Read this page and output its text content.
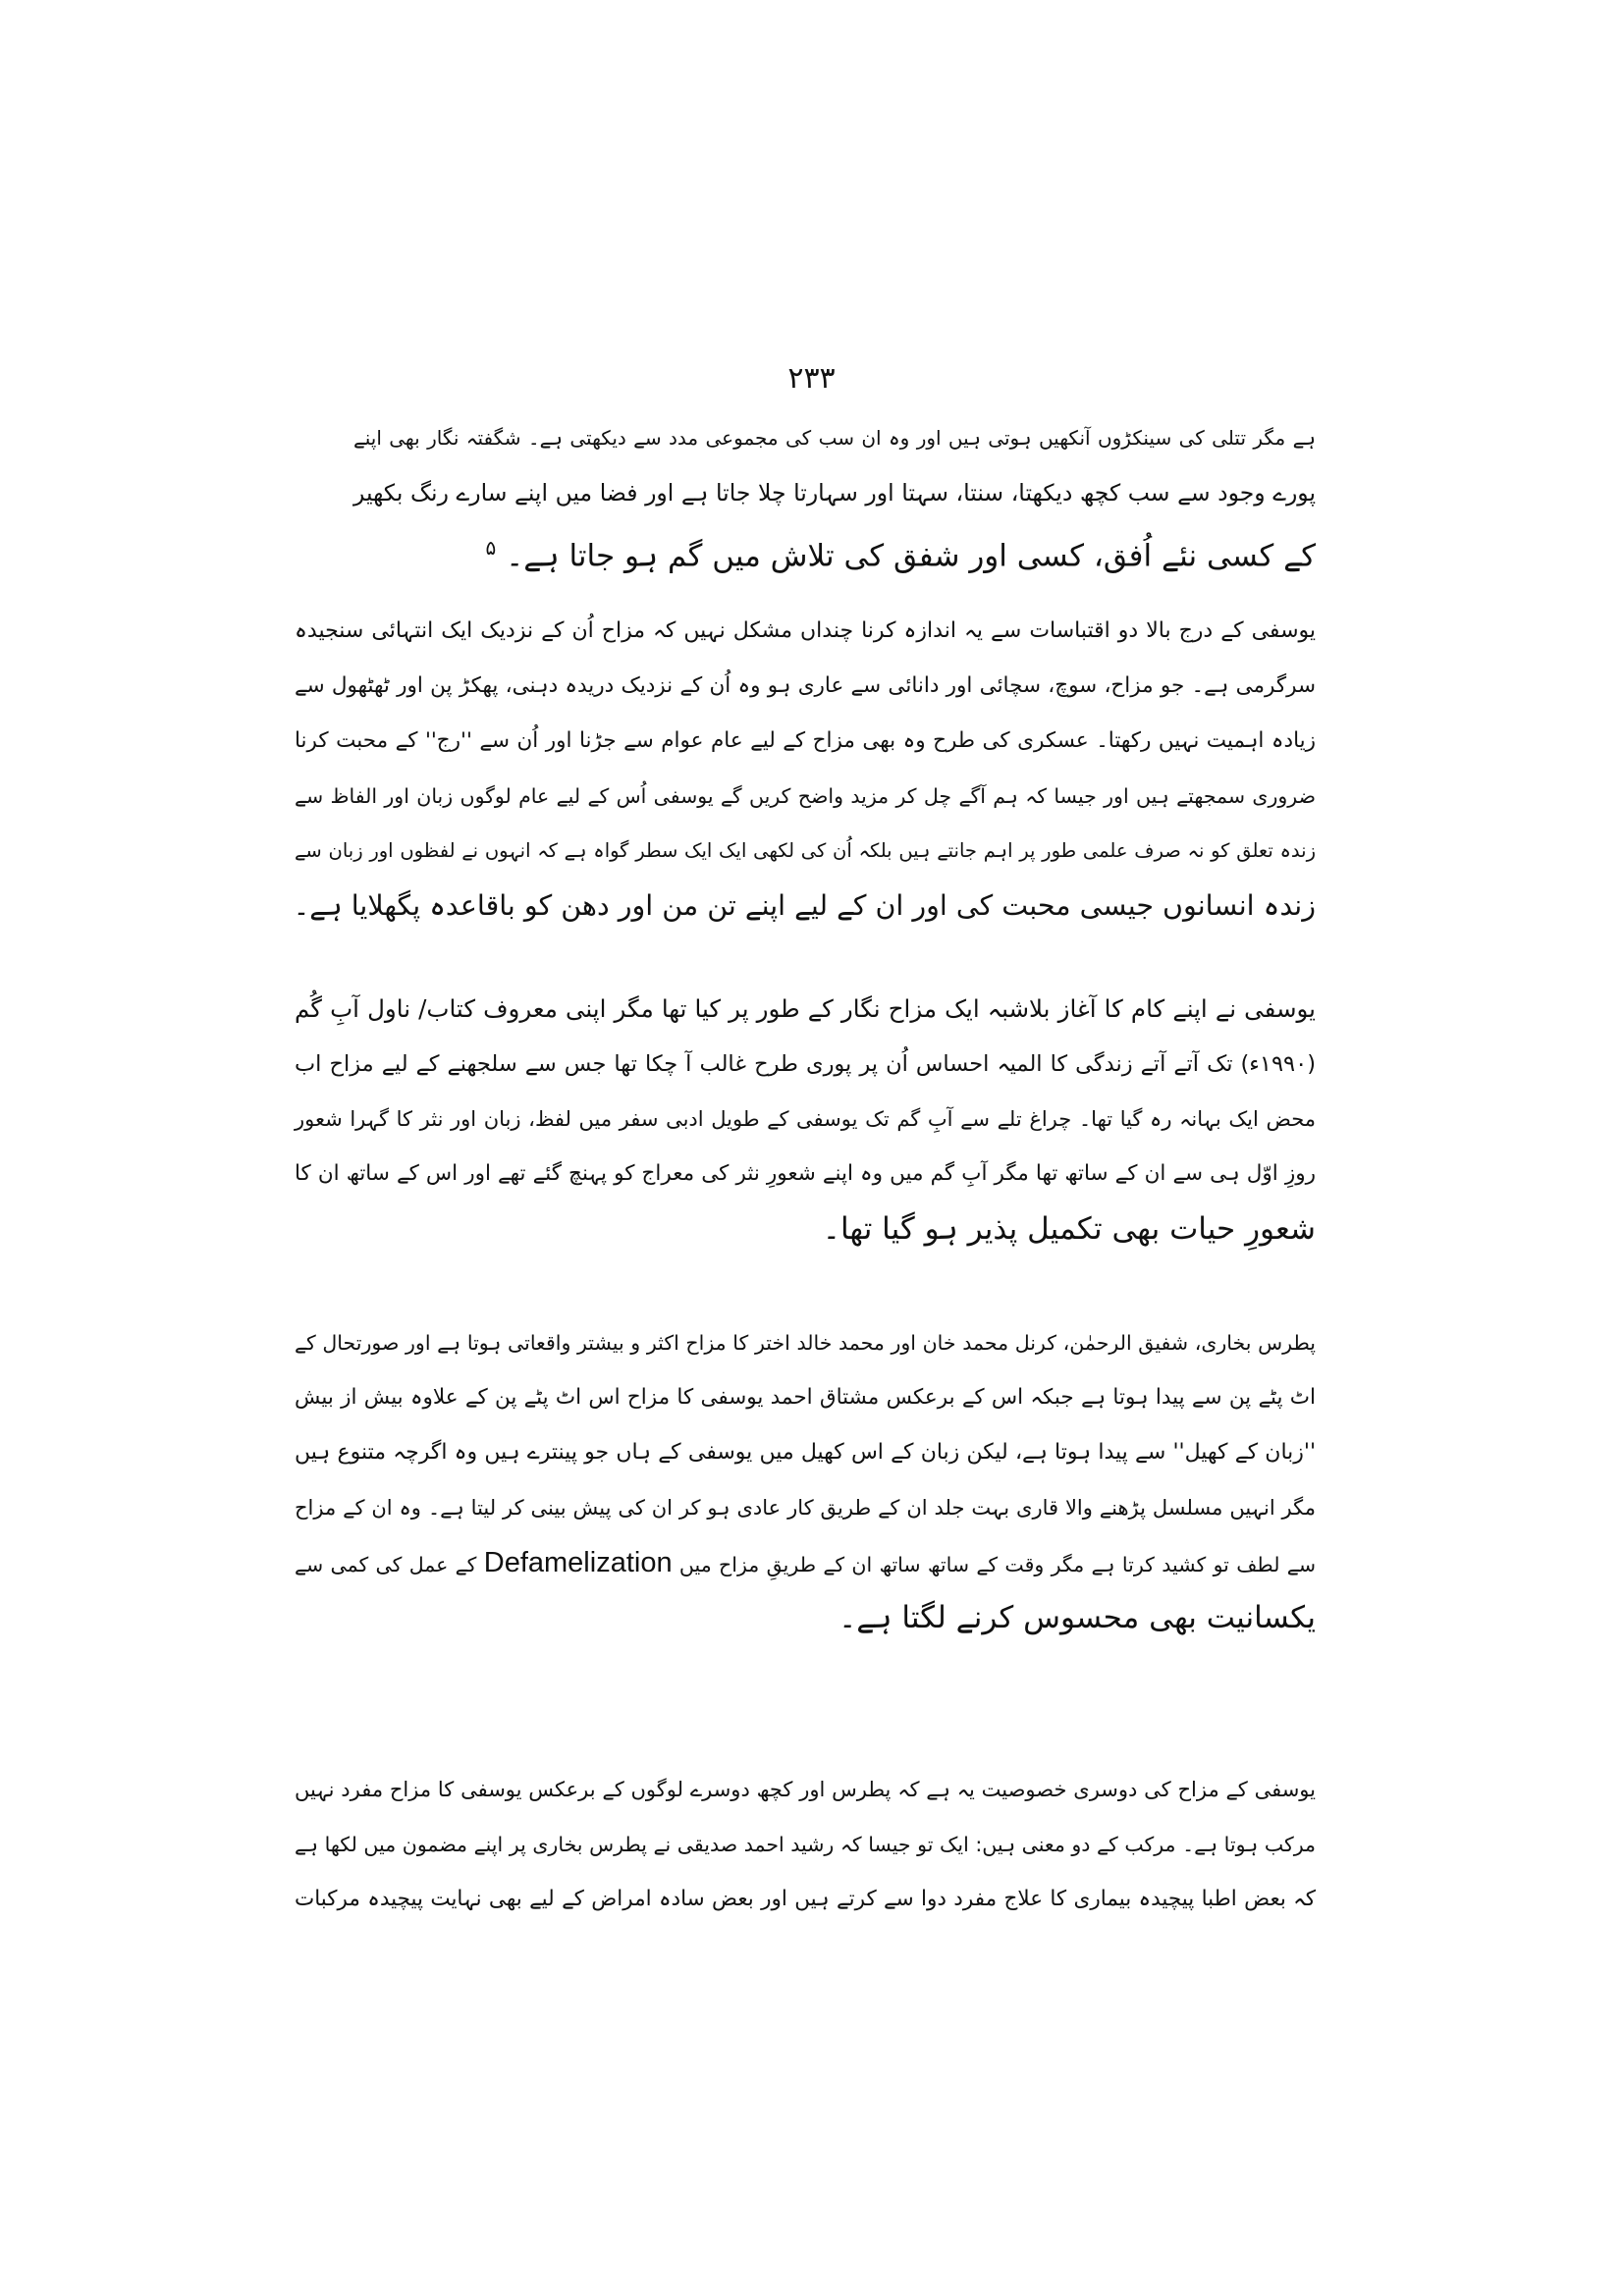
۲۳۳
ہے مگر تتلی کی سینکڑوں آنکھیں ہوتی ہیں اور وہ ان سب کی مجموعی مدد سے دیکھتی ہے۔ شگفتہ نگار بھی اپنے
پورے وجود سے سب کچھ دیکھتا، سنتا، سہتا اور سہارتا چلا جاتا ہے اور فضا میں اپنے سارے رنگ بکھیر
کے کسی نئے اُفق، کسی اور شفق کی تلاش میں گم ہو جاتا ہے۔ $^۵$
یوسفی کے درج بالا دو اقتباسات سے یہ اندازہ کرنا چنداں مشکل نہیں کہ مزاح اُن کے نزدیک ایک انتہائی سنجیدہ
سرگرمی ہے۔ جو مزاح، سوچ، سچائی اور دانائی سے عاری ہو وہ اُن کے نزدیک دریدہ دہنی، پھکڑ پن اور ٹھٹھول سے
زیادہ اہمیت نہیں رکھتا۔ عسکری کی طرح وہ بھی مزاح کے لیے عام عوام سے جڑنا اور اُن سے ''رج'' کے محبت کرنا
ضروری سمجھتے ہیں اور جیسا کہ ہم آگے چل کر مزید واضح کریں گے یوسفی اُس کے لیے عام لوگوں زبان اور الفاظ سے
زندہ تعلق کو نہ صرف علمی طور پر اہم جانتے ہیں بلکہ اُن کی لکھی ایک ایک سطر گواہ ہے کہ انہوں نے لفظوں اور زبان سے
زندہ انسانوں جیسی محبت کی اور ان کے لیے اپنے تن من اور دھن کو باقاعدہ پگھلایا ہے۔
یوسفی نے اپنے کام کا آغاز بلاشبہ ایک مزاح نگار کے طور پر کیا تھا مگر اپنی معروف کتاب/ ناول آبِ گُم
(۱۹۹۰ء) تک آتے آتے زندگی کا المیہ احساس اُن پر پوری طرح غالب آ چکا تھا جس سے سلجھنے کے لیے مزاح اب
محض ایک بہانہ رہ گیا تھا۔ چراغ تلے سے آبِ گم تک یوسفی کے طویل ادبی سفر میں لفظ، زبان اور نثر کا گہرا شعور
روزِ اوّل ہی سے ان کے ساتھ تھا مگر آبِ گم میں وہ اپنے شعورِ نثر کی معراج کو پہنچ گئے تھے اور اس کے ساتھ ان کا
شعورِ حیات بھی تکمیل پذیر ہو گیا تھا۔
پطرس بخاری، شفیق الرحمٰن، کرنل محمد خان اور محمد خالد اختر کا مزاح اکثر و بیشتر واقعاتی ہوتا ہے اور صورتحال کے
اٹ پٹے پن سے پیدا ہوتا ہے جبکہ اس کے برعکس مشتاق احمد یوسفی کا مزاح اس اٹ پٹے پن کے علاوہ بیش از بیش
''زبان کے کھیل'' سے پیدا ہوتا ہے، لیکن زبان کے اس کھیل میں یوسفی کے ہاں جو پینترے ہیں وہ اگرچہ متنوع ہیں
مگر انہیں مسلسل پڑھنے والا قاری بہت جلد ان کے طریق کار عادی ہو کر ان کی پیش بینی کر لیتا ہے۔ وہ ان کے مزاح
سے لطف تو کشید کرتا ہے مگر وقت کے ساتھ ساتھ ان کے طریقِ مزاح میں Defamelization کے عمل کی کمی سے
یکسانیت بھی محسوس کرنے لگتا ہے۔
یوسفی کے مزاح کی دوسری خصوصیت یہ ہے کہ پطرس اور کچھ دوسرے لوگوں کے برعکس یوسفی کا مزاح مفرد نہیں
مرکب ہوتا ہے۔ مرکب کے دو معنی ہیں: ایک تو جیسا کہ رشید احمد صدیقی نے پطرس بخاری پر اپنے مضمون میں لکھا ہے
کہ بعض اطبا پیچیدہ بیماری کا علاج مفرد دوا سے کرتے ہیں اور بعض سادہ امراض کے لیے بھی نہایت پیچیدہ مرکبات
